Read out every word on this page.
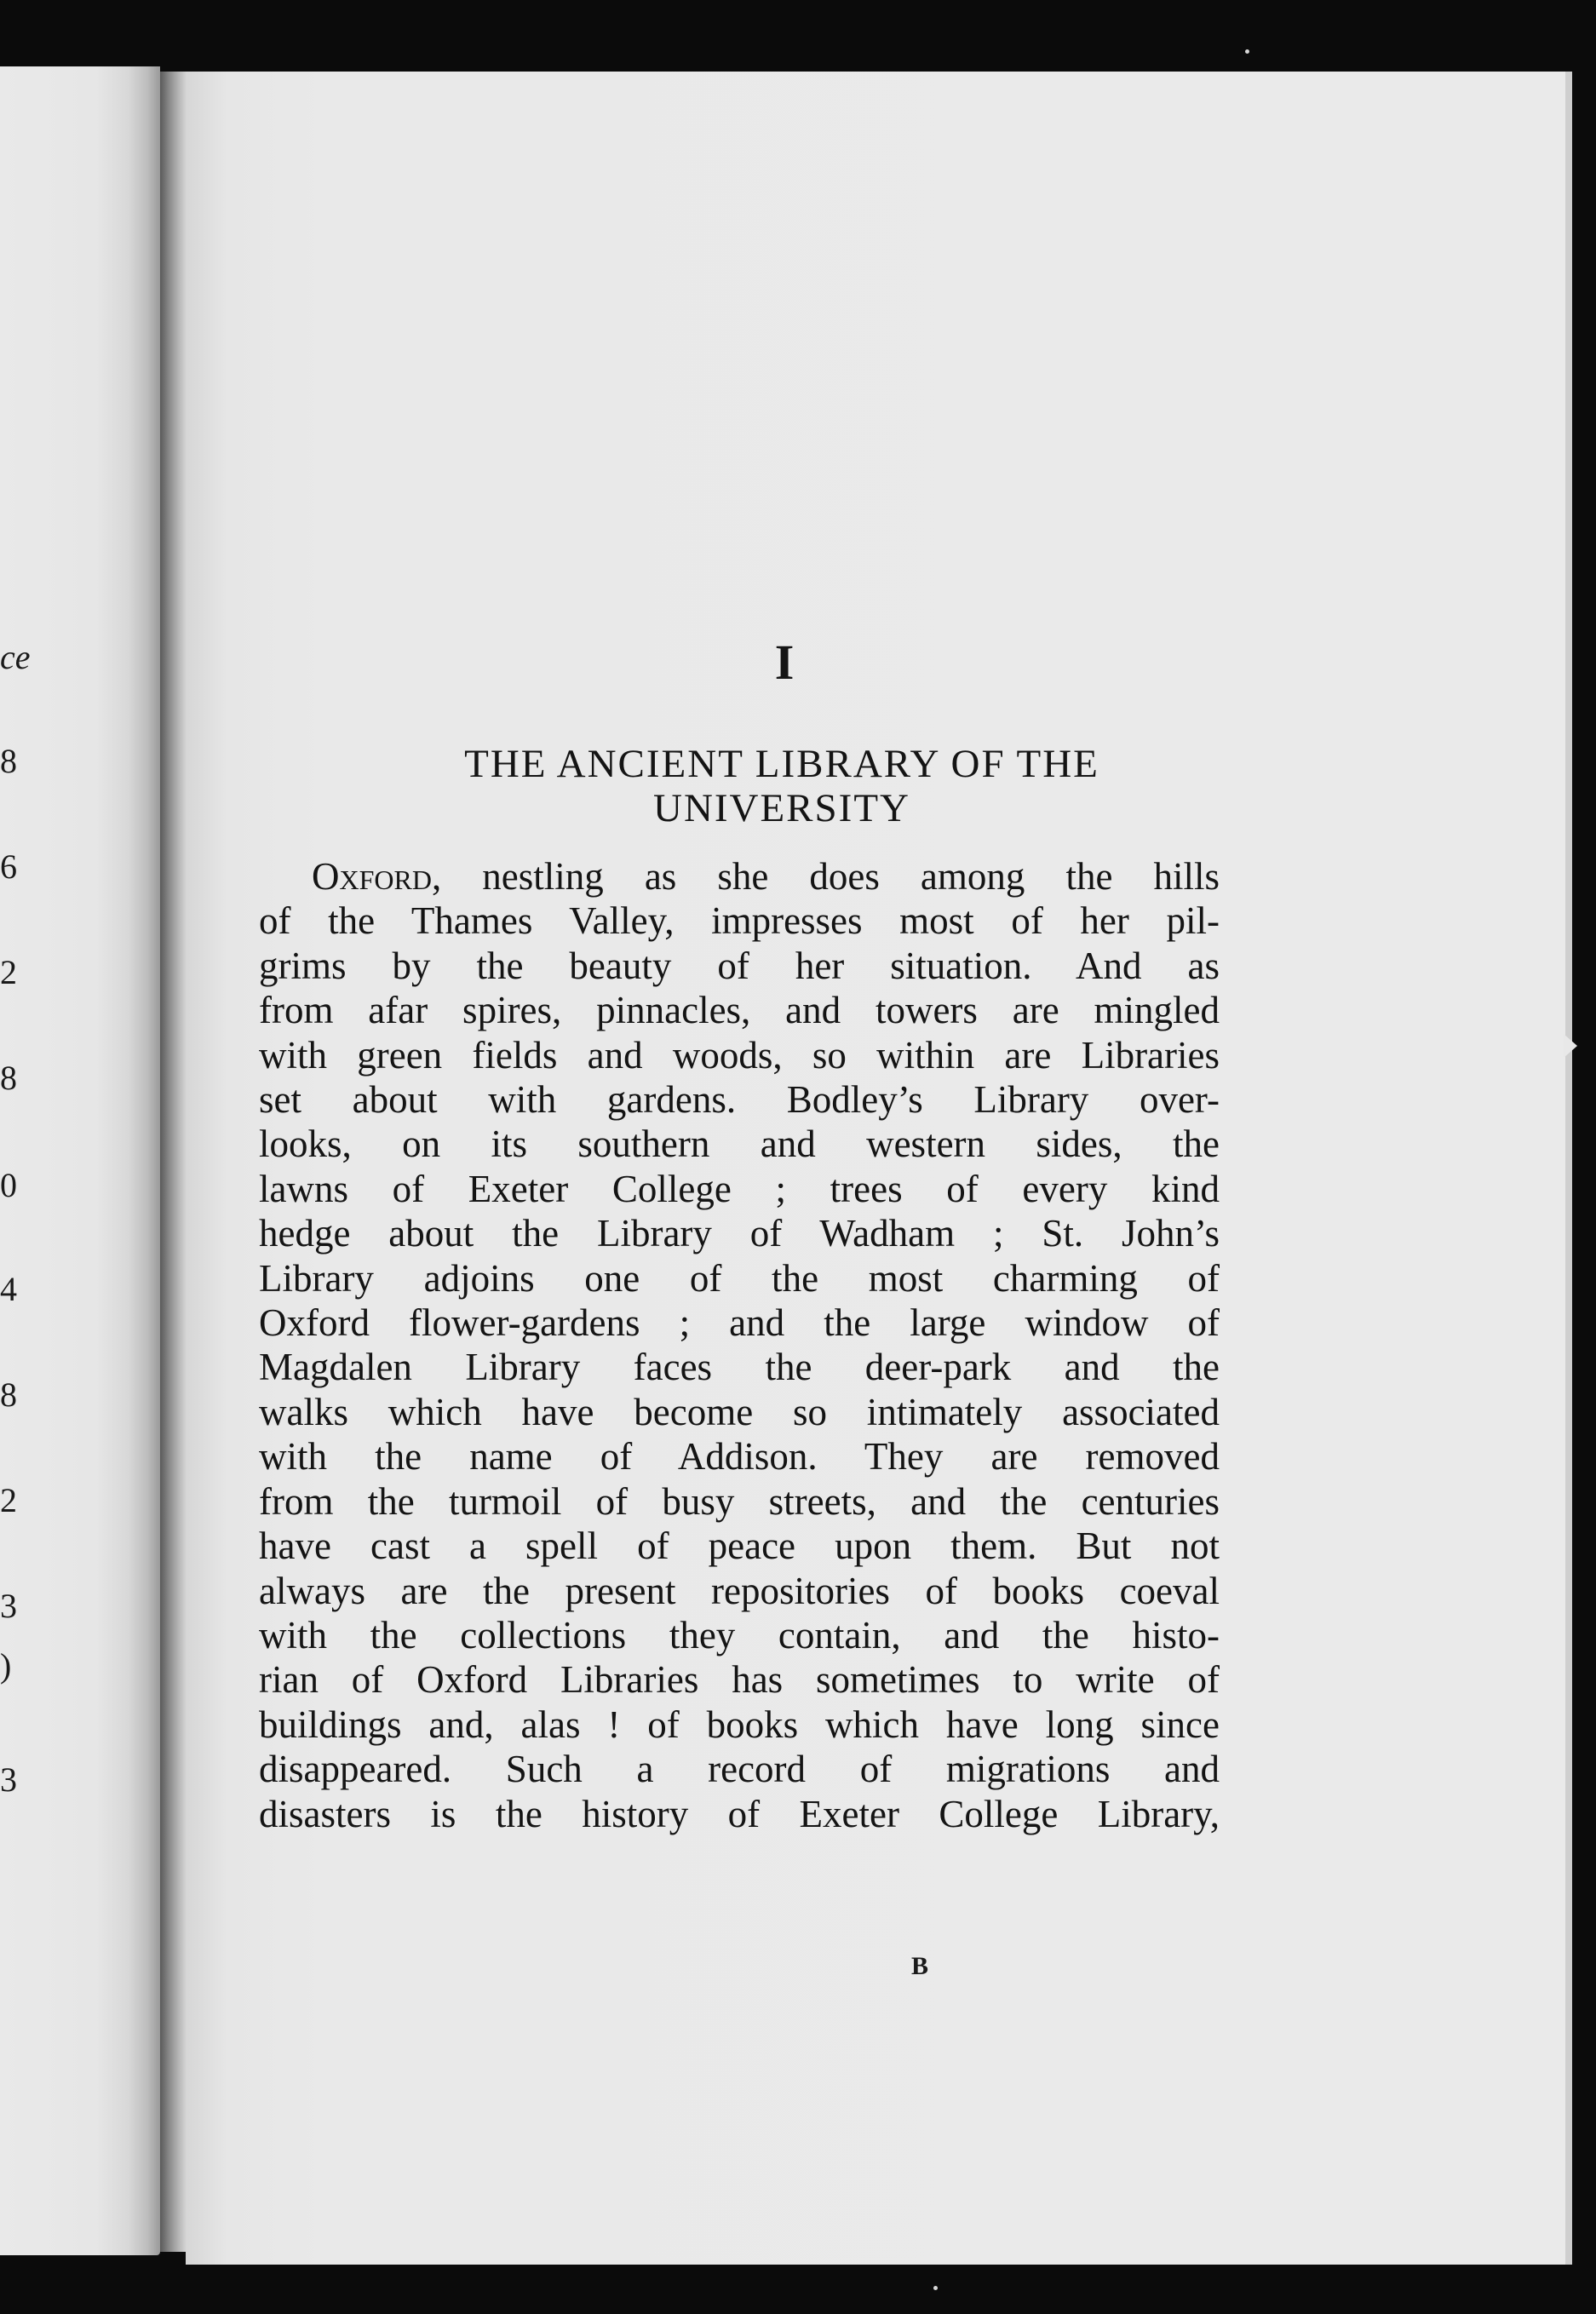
ce
8
6
2
8
0
4
8
2
3
)
3
I
THE ANCIENT LIBRARY OF THE
UNIVERSITY
Oxford, nestling as she does among the hills
of the Thames Valley, impresses most of her pil-
grims by the beauty of her situation. And as
from afar spires, pinnacles, and towers are mingled
with green fields and woods, so within are Libraries
set about with gardens. Bodley’s Library over-
looks, on its southern and western sides, the
lawns of Exeter College ; trees of every kind
hedge about the Library of Wadham ; St. John’s
Library adjoins one of the most charming of
Oxford flower-gardens ; and the large window of
Magdalen Library faces the deer-park and the
walks which have become so intimately associated
with the name of Addison. They are removed
from the turmoil of busy streets, and the centuries
have cast a spell of peace upon them. But not
always are the present repositories of books coeval
with the collections they contain, and the histo-
rian of Oxford Libraries has sometimes to write of
buildings and, alas ! of books which have long since
disappeared. Such a record of migrations and
disasters is the history of Exeter College Library,
B
